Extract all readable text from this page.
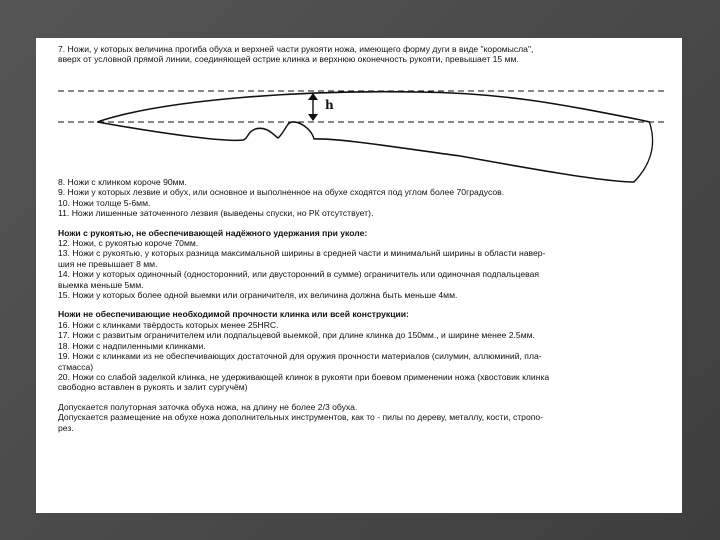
7. Ножи, у которых величина прогиба обуха и верхней части рукояти ножа, имеющего форму дуги в виде "коромысла",
вверх от условной прямой линии, соединяющей острие клинка и верхнюю оконечность рукояти, превышает 15 мм.
h
8. Ножи с клинком короче 90мм.
9. Ножи у которых лезвие и обух, или основное и выполненное на обухе сходятся под углом более 70градусов.
10. Ножи толще 5-6мм.
11. Ножи лишенные заточенного лезвия (выведены спуски, но РК отсутствует).
Ножи с рукоятью, не обеспечивающей надёжного удержания при уколе:
12. Ножи, с рукоятью короче 70мм.
13. Ножи с рукоятью, у которых разница максимальной ширины в средней части и минимальнй ширины в области навер-
шия не превышает 8 мм.
14. Ножи у которых одиночный (односторонний, или двусторонний в сумме) ограничитель или одиночная подпальцевая
выемка меньше 5мм.
15. Ножи у которых более одной выемки или ограничителя, их величина должна быть меньше 4мм.
Ножи не обеспечивающие необходимой прочности клинка или всей конструкции:
16. Ножи с клинками твёрдость которых менее 25HRC.
17. Ножи с развитым ограничителем или подпальцевой выемкой, при длине клинка до 150мм., и ширине менее 2.5мм.
18. Ножи с надпиленными клинками.
19. Ножи с клинками из не обеспечивающих достаточной для оружия прочности материалов (силумин, аллюминий, пла-
стмасса)
20. Ножи со слабой заделкой клинка, не удерживающей клинок в рукояти при боевом применении ножа (хвостовик клинка
свободно вставлен в рукоять и залит сургучём)
Допускается полуторная заточка обуха ножа, на длину не более 2/3 обуха.
Допускается размещение на обухе ножа дополнительных инструментов, как то - пилы по дереву, металлу, кости, стропо-
рез.
